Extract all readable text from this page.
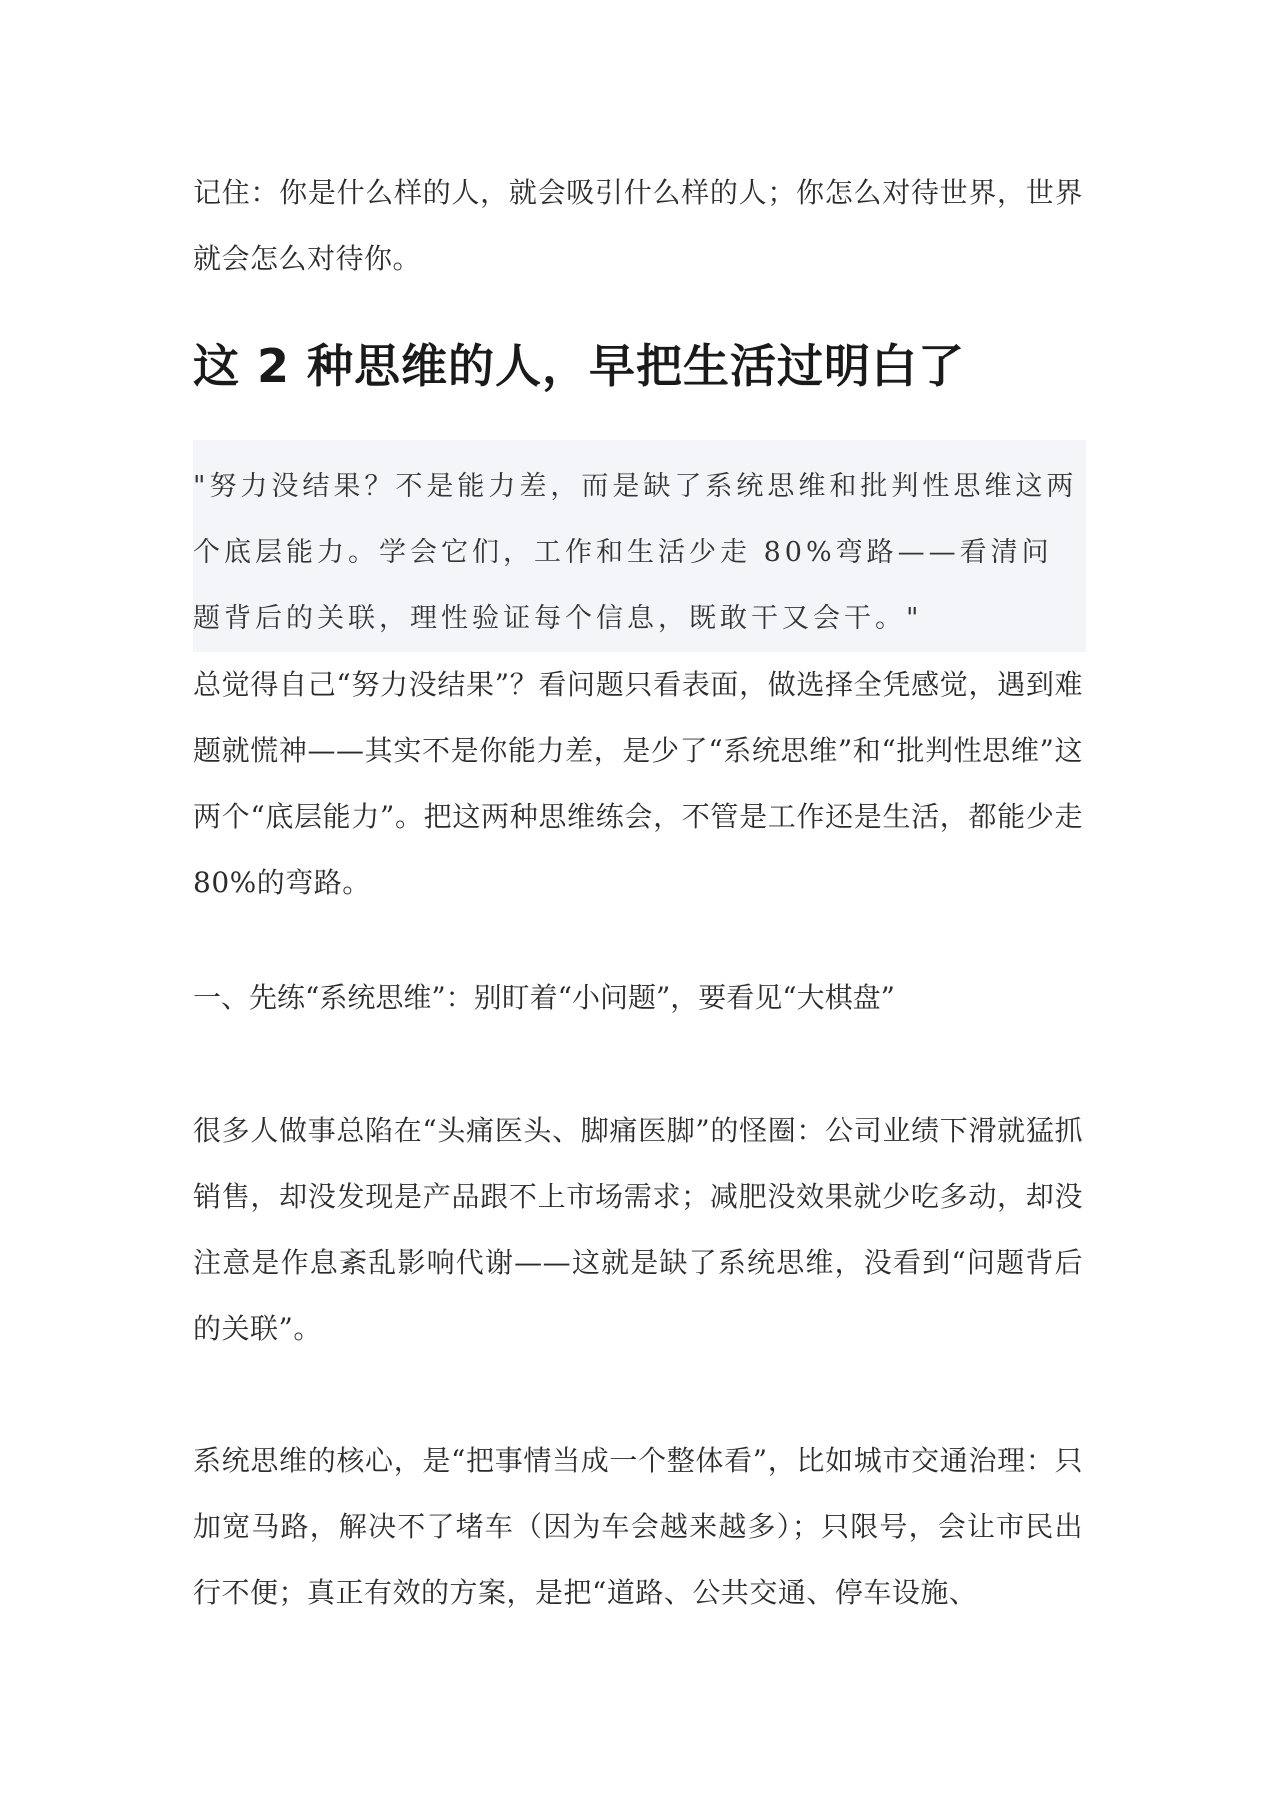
记住：你是什么样的人，就会吸引什么样的人；你怎么对待世界，世界就会怎么对待你。

这 2 种思维的人，早把生活过明白了

"努力没结果？不是能力差，而是缺了系统思维和批判性思维这两个底层能力。学会它们，工作和生活少走 80%弯路——看清问题背后的关联，理性验证每个信息，既敢干又会干。"

总觉得自己“努力没结果”？看问题只看表面，做选择全凭感觉，遇到难题就慌神——其实不是你能力差，是少了“系统思维”和“批判性思维”这两个“底层能力”。把这两种思维练会，不管是工作还是生活，都能少走 80%的弯路。

一、先练“系统思维”：别盯着“小问题”，要看见“大棋盘”

很多人做事总陷在“头痛医头、脚痛医脚”的怪圈：公司业绩下滑就猛抓销售，却没发现是产品跟不上市场需求；减肥没效果就少吃多动，却没注意是作息紊乱影响代谢——这就是缺了系统思维，没看到“问题背后的关联”。

系统思维的核心，是“把事情当成一个整体看”，比如城市交通治理：只加宽马路，解决不了堵车（因为车会越来越多）；只限号，会让市民出行不便；真正有效的方案，是把“道路、公共交通、停车设施、
